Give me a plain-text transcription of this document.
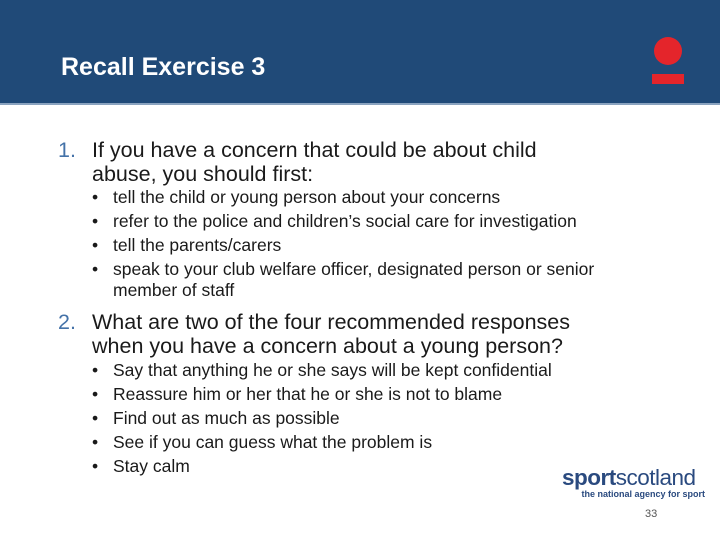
Recall Exercise 3
1. If you have a concern that could be about child
abuse, you should first:
• tell the child or young person about your concerns
• refer to the police and children’s social care for investigation
• tell the parents/carers
• speak to your club welfare officer, designated person or senior
member of staff
2. What are two of the four recommended responses
when you have a concern about a young person?
• Say that anything he or she says will be kept confidential
• Reassure him or her that he or she is not to blame
• Find out as much as possible
• See if you can guess what the problem is
• Stay calm	sportscotland
the national agency for sport
33
